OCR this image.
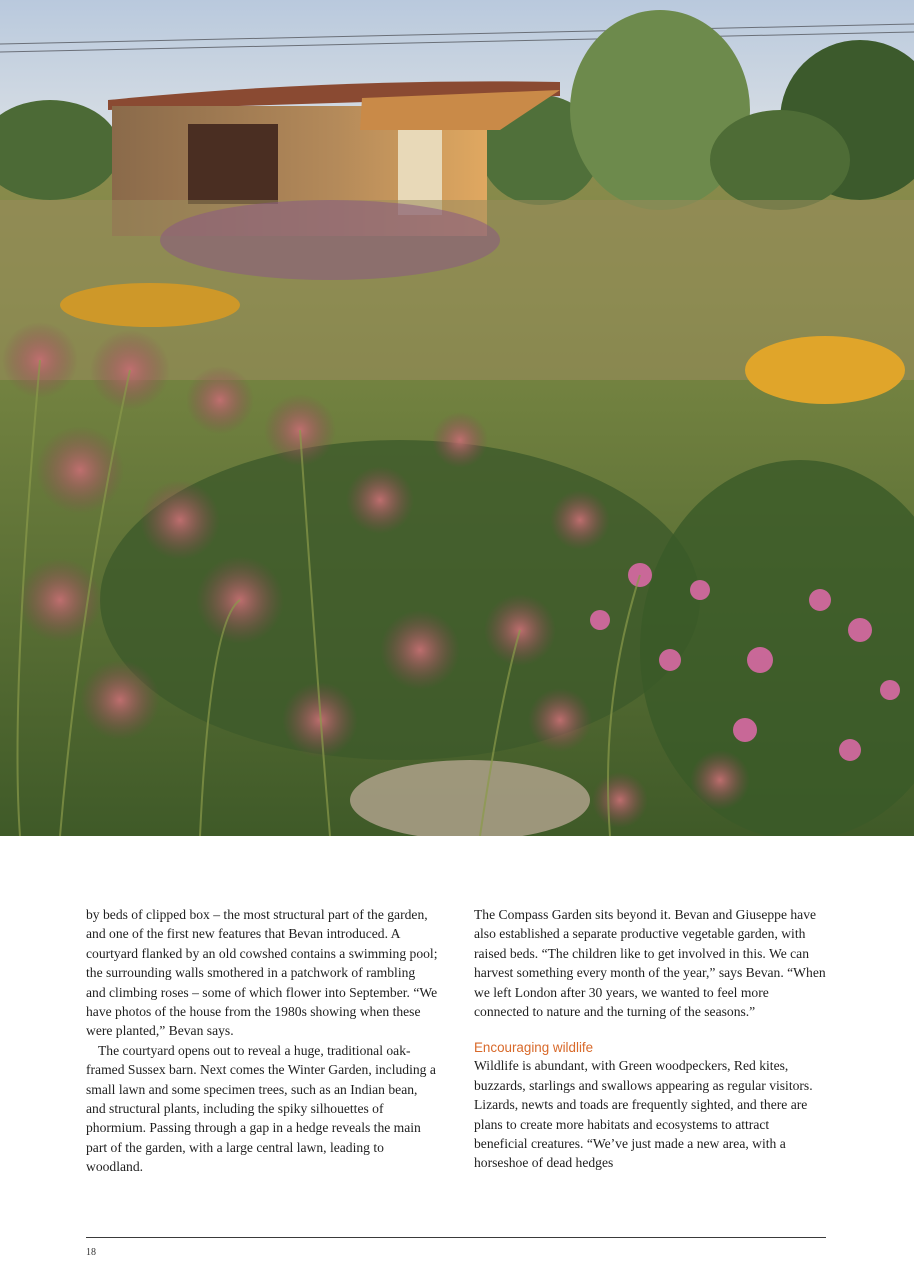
by beds of clipped box – the most structural part of the garden, and one of the first new features that Bevan introduced. A courtyard flanked by an old cowshed contains a swimming pool; the surrounding walls smothered in a patchwork of rambling and climbing roses – some of which flower into September. “We have photos of the house from the 1980s showing when these were planted,” Bevan says.

The courtyard opens out to reveal a huge, traditional oak-framed Sussex barn. Next comes the Winter Garden, including a small lawn and some specimen trees, such as an Indian bean, and structural plants, including the spiky silhouettes of phormium. Passing through a gap in a hedge reveals the main part of the garden, with a large central lawn, leading to woodland.

The Compass Garden sits beyond it. Bevan and Giuseppe have also established a separate productive vegetable garden, with raised beds. “The children like to get involved in this. We can harvest something every month of the year,” says Bevan. “When we left London after 30 years, we wanted to feel more connected to nature and the turning of the seasons.”

Encouraging wildlife

Wildlife is abundant, with Green woodpeckers, Red kites, buzzards, starlings and swallows appearing as regular visitors. Lizards, newts and toads are frequently sighted, and there are plans to create more habitats and ecosystems to attract beneficial creatures. “We’ve just made a new area, with a horseshoe of dead hedges

18
